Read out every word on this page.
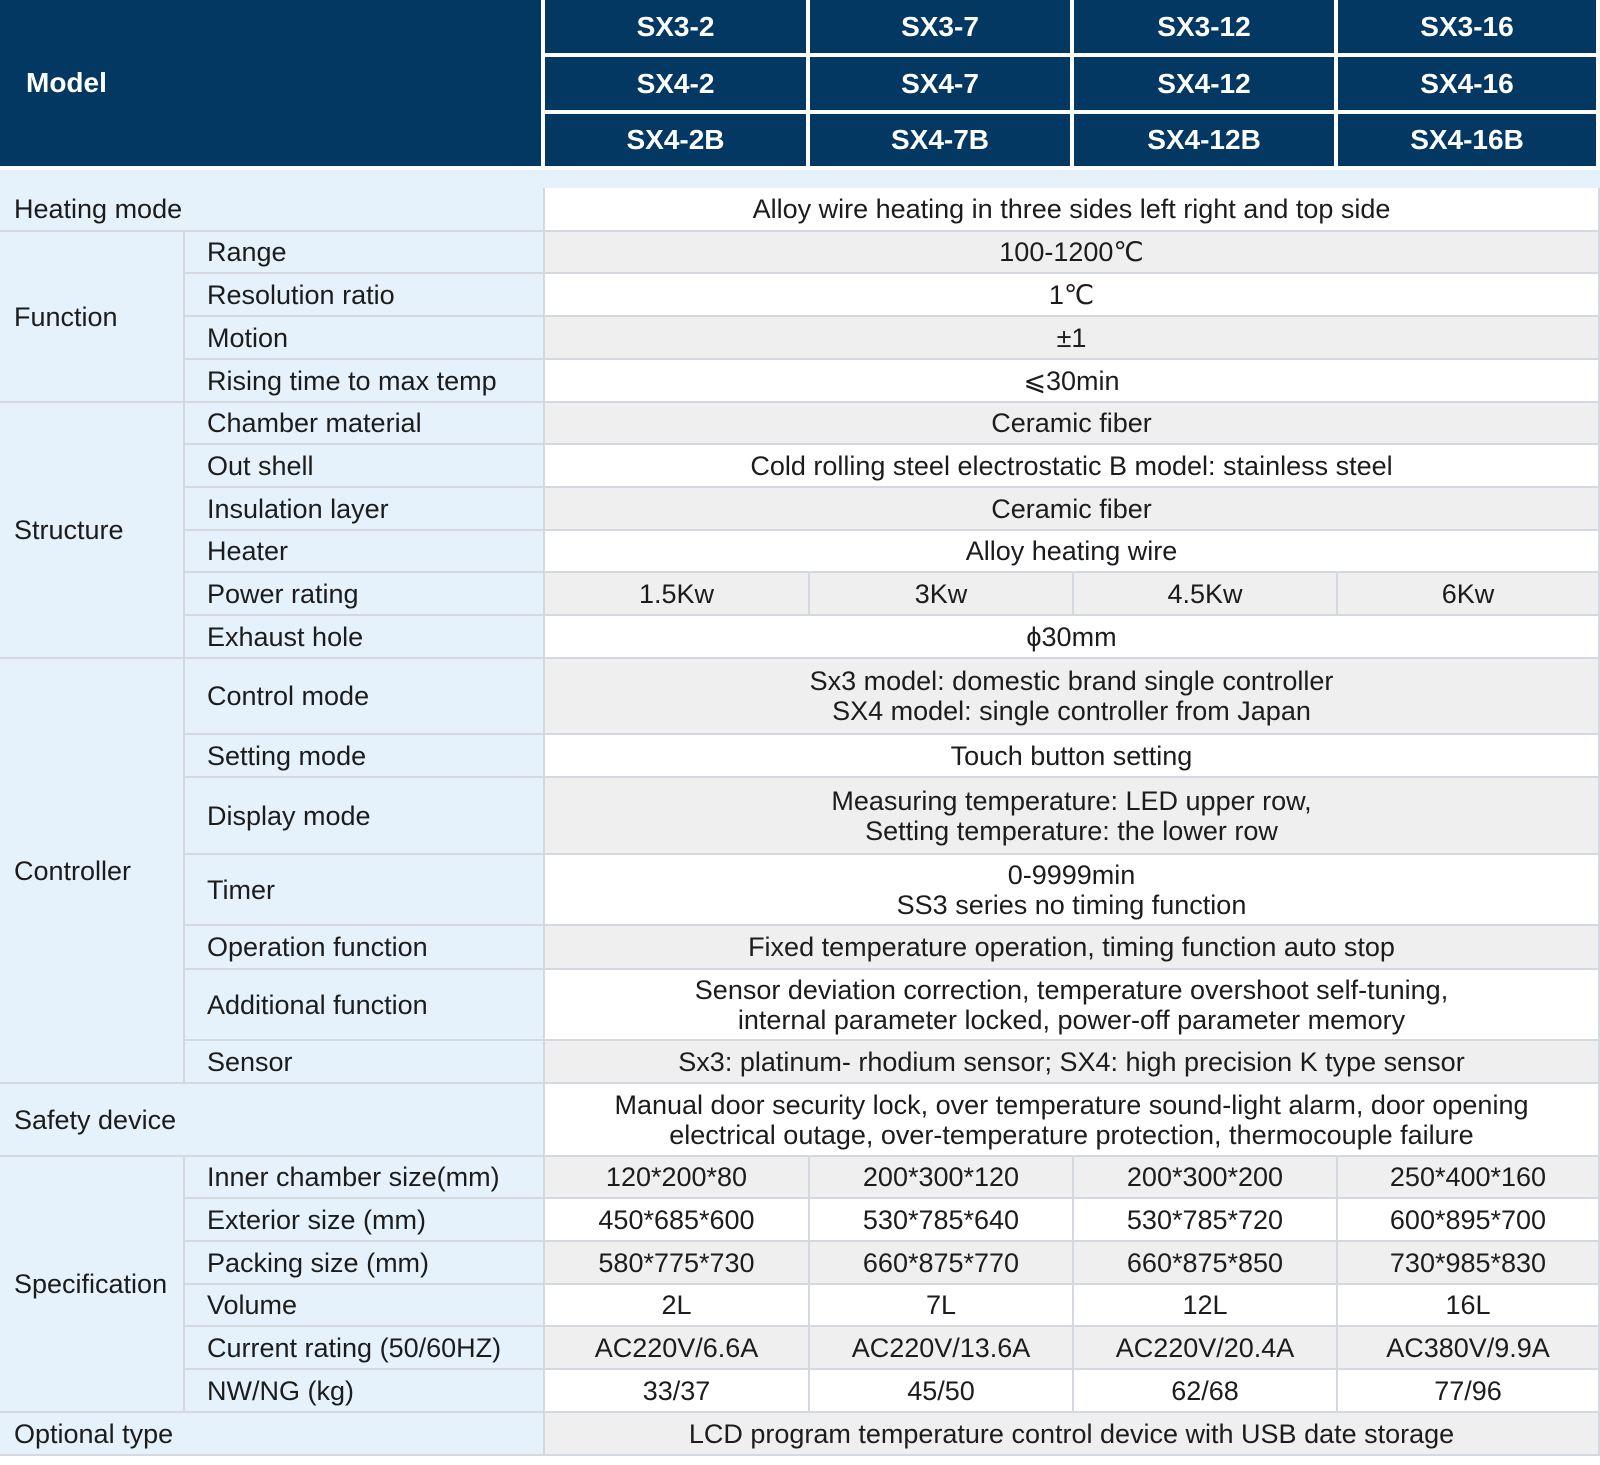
Model
SX3-2	SX3-7	SX3-12	SX3-16
SX4-2	SX4-7	SX4-12	SX4-16
SX4-2B	SX4-7B	SX4-12B	SX4-16B
Heating mode	Alloy wire heating in three sides left right and top side
Function
Range	100-1200℃
Resolution ratio	1℃
Motion	±1
Rising time to max temp	⩽30min
Structure
Chamber material	Ceramic fiber
Out shell	Cold rolling steel electrostatic B model: stainless steel
Insulation layer	Ceramic fiber
Heater	Alloy heating wire
Power rating	1.5Kw	3Kw	4.5Kw	6Kw
Exhaust hole	ϕ30mm
Controller
Control mode	Sx3 model: domestic brand single controller
SX4 model: single controller from Japan
Setting mode	Touch button setting
Display mode	Measuring temperature: LED upper row,
Setting temperature: the lower row
Timer	0-9999min
SS3 series no timing function
Operation function	Fixed temperature operation, timing function auto stop
Additional function	Sensor deviation correction, temperature overshoot self-tuning,
internal parameter locked, power-off parameter memory
Sensor	Sx3: platinum- rhodium sensor; SX4: high precision K type sensor
Safety device	Manual door security lock, over temperature sound-light alarm, door opening
electrical outage, over-temperature protection, thermocouple failure
Specification
Inner chamber size(mm)	120*200*80	200*300*120	200*300*200	250*400*160
Exterior size (mm)	450*685*600	530*785*640	530*785*720	600*895*700
Packing size (mm)	580*775*730	660*875*770	660*875*850	730*985*830
Volume	2L	7L	12L	16L
Current rating (50/60HZ)	AC220V/6.6A	AC220V/13.6A	AC220V/20.4A	AC380V/9.9A
NW/NG (kg)	33/37	45/50	62/68	77/96
Optional type	LCD program temperature control device with USB date storage
